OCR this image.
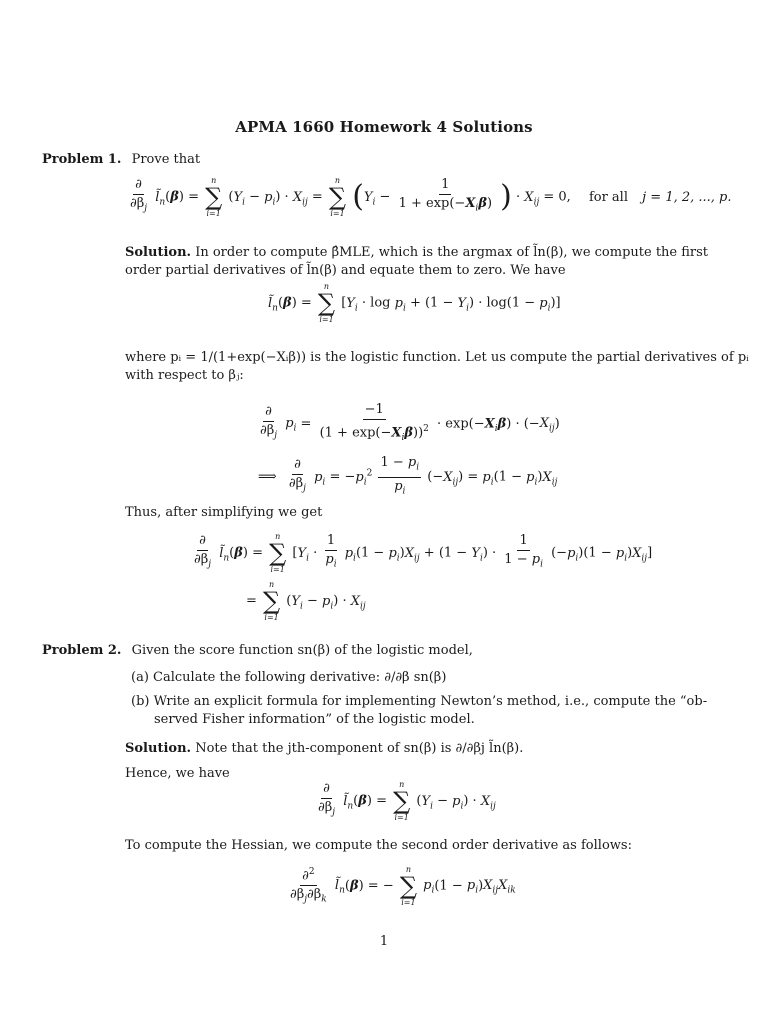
APMA 1660 Homework 4 Solutions
Problem 1. Prove that
$\frac{\partial}{\partial\beta_j}$ $l̃_n(\beta)$ =
n
∑
i=1
$(Y_i - p_i) \cdot X_{ij}$ =
n
∑
i=1 ($Y_i - \frac{1}{1 + \exp(-X_i\beta)}$ ) · $X_{ij} = 0$, for all j = 1, 2, ..., p.
Solution. In order to compute β̂MLE, which is the argmax of l̃n(β), we compute the first
order partial derivatives of l̃n(β) and equate them to zero. We have
$l̃_n(\beta)$ =
n
∑
i=1
$[Y_i \cdot \log p_i + (1 - Y_i) \cdot \log(1 - p_i)]$
where pᵢ = 1/(1+exp(−Xᵢβ)) is the logistic function. Let us compute the partial derivatives of pᵢ
with respect to βⱼ:
$\frac{\partial}{\partial\beta_j} p_i = \frac{-1}{(1 + \exp(-X_i\beta))^2} \cdot \exp(-X_i\beta) \cdot (-X_{ij})$
⟹ $\frac{\partial}{\partial\beta_j} p_i = -p_i^2 \frac{1 - p_i}{p_i} (-X_{ij}) = p_i(1 - p_i)X_{ij}$
Thus, after simplifying we get
$\frac{\partial}{\partial\beta_j}$ $l̃_n(\beta)$ =
n
∑
i=1
$[Y_i \cdot \frac{1}{p_i} p_i(1 - p_i)X_{ij} + (1 - Y_i) \cdot \frac{1}{1 - p_i} (-p_i)(1 - p_i)X_{ij}]$
=
n
∑
i=1
$(Y_i - p_i) \cdot X_{ij}$
Problem 2. Given the score function sn(β) of the logistic model,
(a) Calculate the following derivative: ∂/∂β sn(β)
(b) Write an explicit formula for implementing Newton’s method, i.e., compute the “ob-
served Fisher information” of the logistic model.
Solution. Note that the jth-component of sn(β) is ∂/∂βj l̃n(β).
Hence, we have
$\frac{\partial}{\partial\beta_j}$ $l̃_n(\beta)$ =
n
∑
i=1
$(Y_i - p_i) \cdot X_{ij}$
To compute the Hessian, we compute the second order derivative as follows:
$\frac{\partial^2}{\partial\beta_j\partial\beta_k}$ $l̃_n(\beta)$ = −
n
∑
i=1
$p_i(1 - p_i)X_{ij}X_{ik}$
1
